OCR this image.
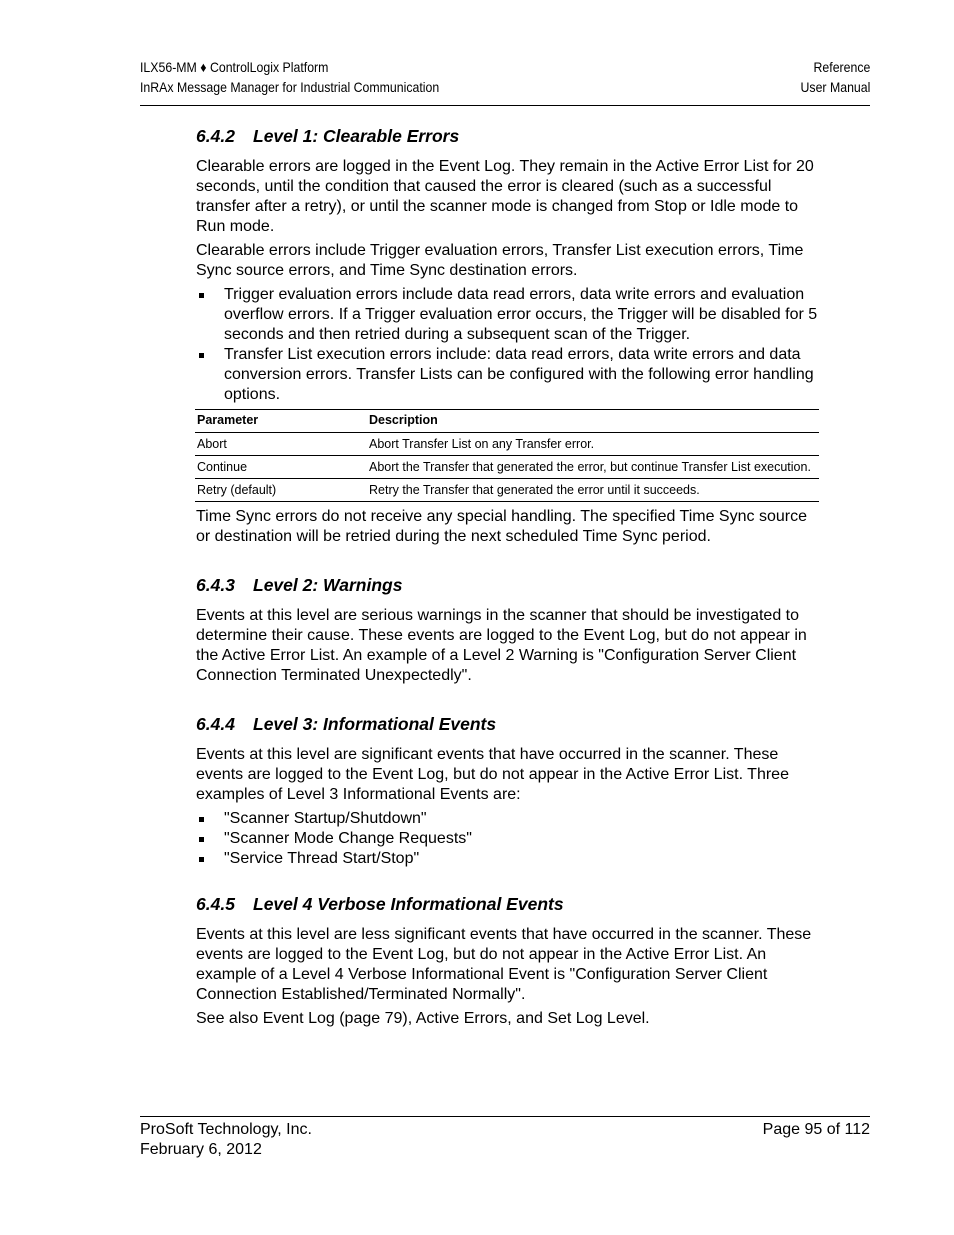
ILX56-MM ♦ ControlLogix Platform
InRAx Message Manager for Industrial Communication
Reference
User Manual
6.4.2 Level 1: Clearable Errors

Clearable errors are logged in the Event Log. They remain in the Active Error List for 20 seconds, until the condition that caused the error is cleared (such as a successful transfer after a retry), or until the scanner mode is changed from Stop or Idle mode to Run mode.

Clearable errors include Trigger evaluation errors, Transfer List execution errors, Time Sync source errors, and Time Sync destination errors.

Trigger evaluation errors include data read errors, data write errors and evaluation overflow errors. If a Trigger evaluation error occurs, the Trigger will be disabled for 5 seconds and then retried during a subsequent scan of the Trigger.
Transfer List execution errors include: data read errors, data write errors and data conversion errors. Transfer Lists can be configured with the following error handling options.
Parameter	Description
Abort	Abort Transfer List on any Transfer error.
Continue	Abort the Transfer that generated the error, but continue Transfer List execution.
Retry (default)	Retry the Transfer that generated the error until it succeeds.

Time Sync errors do not receive any special handling. The specified Time Sync source or destination will be retried during the next scheduled Time Sync period.

6.4.3 Level 2: Warnings

Events at this level are serious warnings in the scanner that should be investigated to determine their cause. These events are logged to the Event Log, but do not appear in the Active Error List. An example of a Level 2 Warning is "Configuration Server Client Connection Terminated Unexpectedly".

6.4.4 Level 3: Informational Events

Events at this level are significant events that have occurred in the scanner. These events are logged to the Event Log, but do not appear in the Active Error List. Three examples of Level 3 Informational Events are:

"Scanner Startup/Shutdown"
"Scanner Mode Change Requests"
"Service Thread Start/Stop"
6.4.5 Level 4 Verbose Informational Events

Events at this level are less significant events that have occurred in the scanner. These events are logged to the Event Log, but do not appear in the Active Error List. An example of a Level 4 Verbose Informational Event is "Configuration Server Client Connection Established/Terminated Normally".

See also Event Log (page 79), Active Errors, and Set Log Level.

ProSoft Technology, Inc.
February 6, 2012
Page 95 of 112
